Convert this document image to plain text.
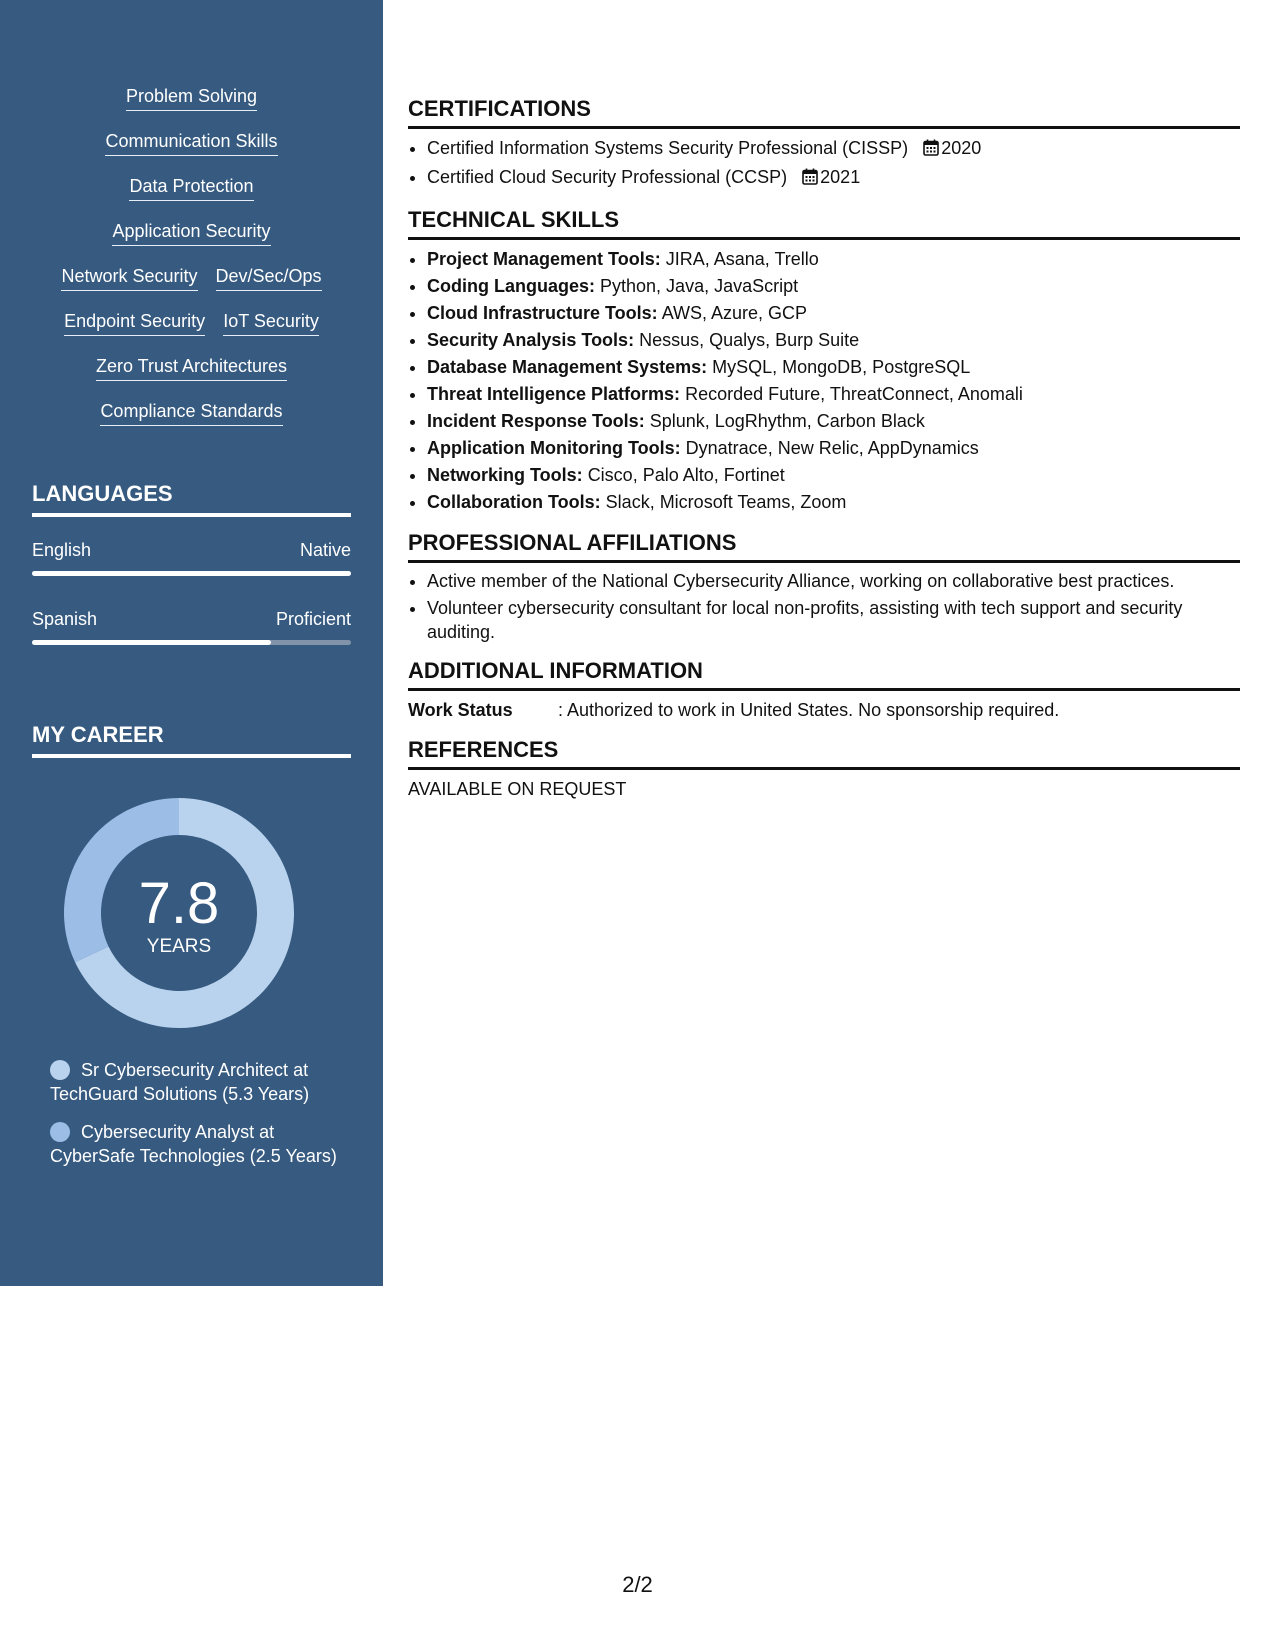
Problem Solving
Communication Skills
Data Protection
Application Security
Network Security Dev/Sec/Ops
Endpoint Security IoT Security
Zero Trust Architectures
Compliance Standards
LANGUAGES
English	Native
Spanish	Proficient
MY CAREER
7.8
YEARS
Sr Cybersecurity Architect at TechGuard Solutions (5.3 Years)
Cybersecurity Analyst at CyberSafe Technologies (2.5 Years)
CERTIFICATIONS
• Certified Information Systems Security Professional (CISSP) 2020
• Certified Cloud Security Professional (CCSP) 2021
TECHNICAL SKILLS
• Project Management Tools: JIRA, Asana, Trello
• Coding Languages: Python, Java, JavaScript
• Cloud Infrastructure Tools: AWS, Azure, GCP
• Security Analysis Tools: Nessus, Qualys, Burp Suite
• Database Management Systems: MySQL, MongoDB, PostgreSQL
• Threat Intelligence Platforms: Recorded Future, ThreatConnect, Anomali
• Incident Response Tools: Splunk, LogRhythm, Carbon Black
• Application Monitoring Tools: Dynatrace, New Relic, AppDynamics
• Networking Tools: Cisco, Palo Alto, Fortinet
• Collaboration Tools: Slack, Microsoft Teams, Zoom
PROFESSIONAL AFFILIATIONS
• Active member of the National Cybersecurity Alliance, working on collaborative best practices.
• Volunteer cybersecurity consultant for local non-profits, assisting with tech support and security auditing.
ADDITIONAL INFORMATION
Work Status	: Authorized to work in United States. No sponsorship required.
REFERENCES
AVAILABLE ON REQUEST
2/2
